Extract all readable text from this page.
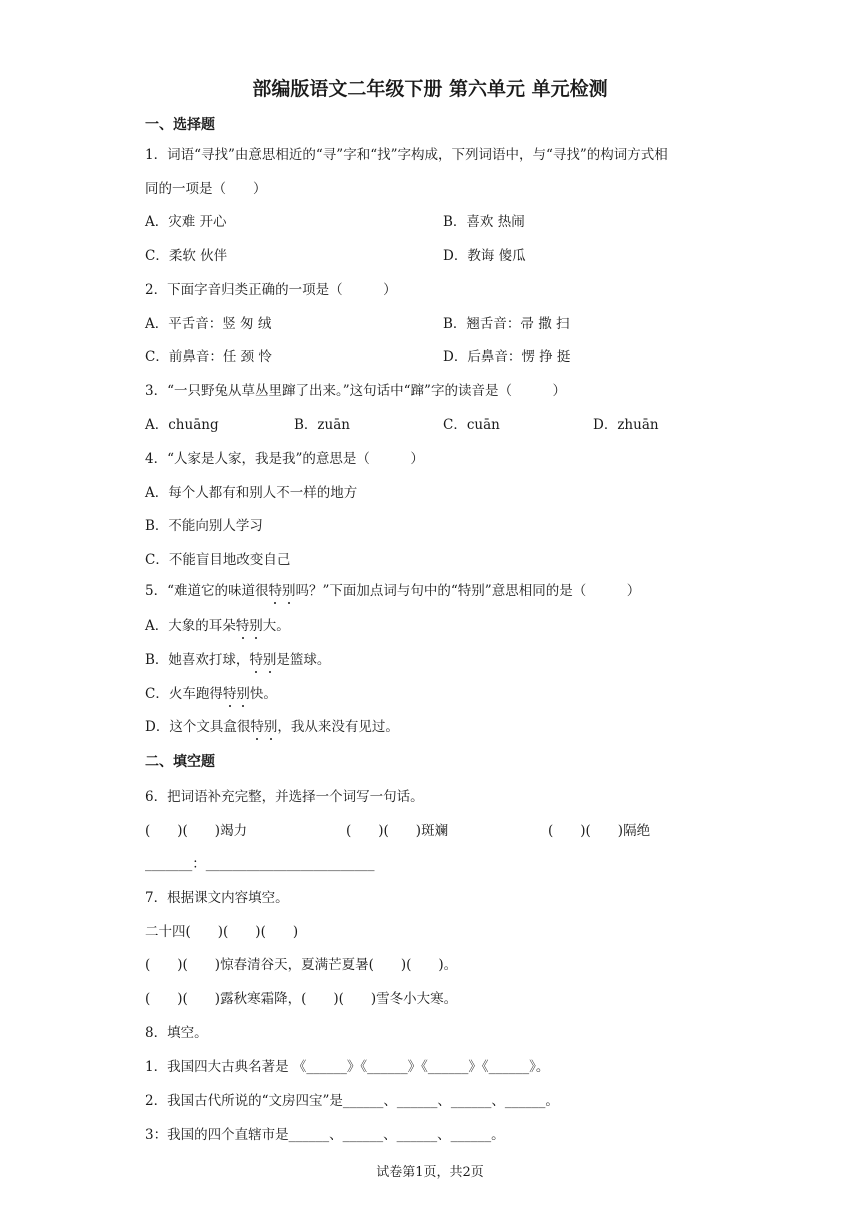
部编版语文二年级下册 第六单元 单元检测
一、选择题
1．词语“寻找”由意思相近的“寻”字和“找”字构成，下列词语中，与“寻找”的构词方式相
同的一项是（　　）
A．灾难 开心	B．喜欢 热闹
C．柔软 伙伴	D．教诲 傻瓜
2．下面字音归类正确的一项是（　　　）
A．平舌音：竖 匆 绒	B．翘舌音：帚 撒 扫
C．前鼻音：任 颈 怜	D．后鼻音：愣 挣 挺
3．“一只野兔从草丛里蹿了出来。”这句话中“蹿”字的读音是（　　　）
A．chuāng	B．zuān	C．cuān	D．zhuān
4．“人家是人家，我是我”的意思是（　　　）
A．每个人都有和别人不一样的地方
B．不能向别人学习
C．不能盲目地改变自己
5．“难道它的味道很特别吗？”下面加点词与句中的“特别”意思相同的是（　　　）
A．大象的耳朵特别大。
B．她喜欢打球，特别是篮球。
C．火车跑得特别快。
D．这个文具盒很特别，我从来没有见过。
二、填空题
6．把词语补充完整，并选择一个词写一句话。
(　　)(　　)竭力	(　　)(　　)斑斓	(　　)(　　)隔绝
_______：_________________________
7．根据课文内容填空。
二十四(　　)(　　)(　　)
(　　)(　　)惊春清谷天，夏满芒夏暑(　　)(　　)。
(　　)(　　)露秋寒霜降，(　　)(　　)雪冬小大寒。
8．填空。
1．我国四大古典名著是 《______》《______》《______》《______》。
2．我国古代所说的“文房四宝”是______、______、______、______。
3：我国的四个直辖市是______、______、______、______。
试卷第1页，共2页
